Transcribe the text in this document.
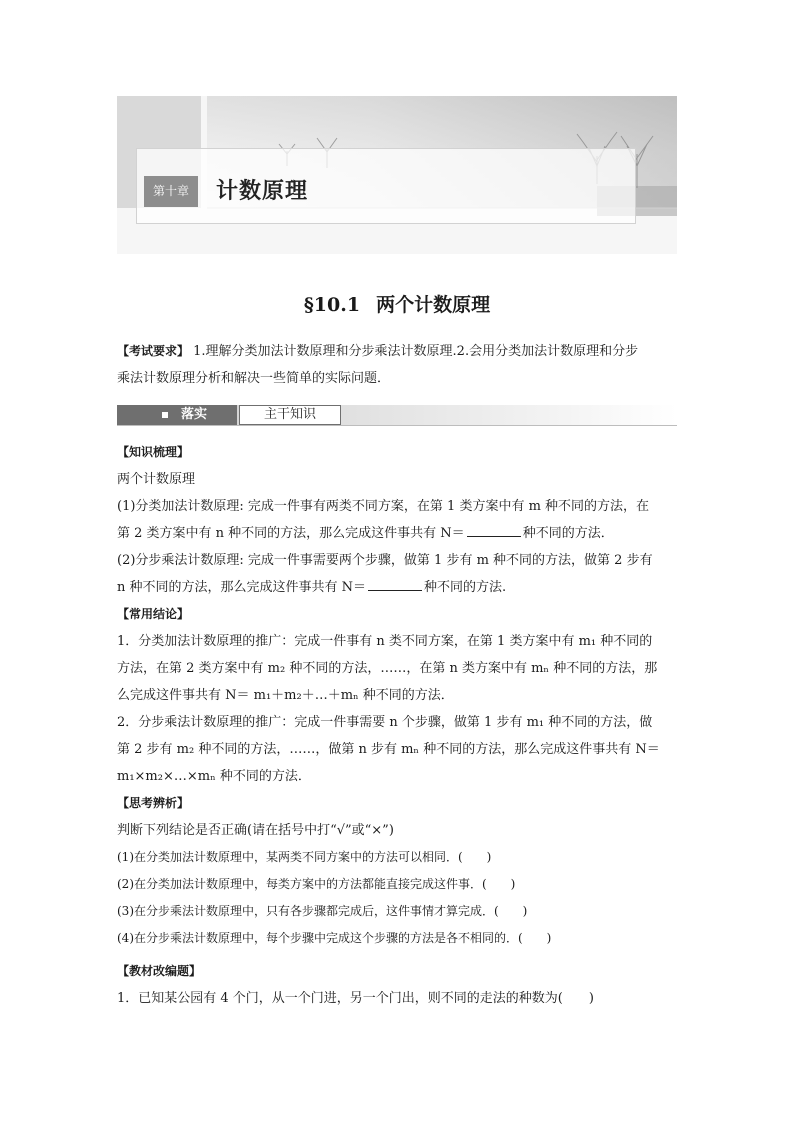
第十章	计数原理
§10.1 两个计数原理
【考试要求】 1.理解分类加法计数原理和分步乘法计数原理.2.会用分类加法计数原理和分步
乘法计数原理分析和解决一些简单的实际问题．
落实	主干知识
【知识梳理】
两个计数原理
(1)分类加法计数原理: 完成一件事有两类不同方案，在第 1 类方案中有 m 种不同的方法，在
第 2 类方案中有 n 种不同的方法，那么完成这件事共有 N＝	种不同的方法．
(2)分步乘法计数原理: 完成一件事需要两个步骤，做第 1 步有 m 种不同的方法，做第 2 步有
n 种不同的方法，那么完成这件事共有 N＝	种不同的方法.
【常用结论】
1．分类加法计数原理的推广：完成一件事有 n 类不同方案，在第 1 类方案中有 m₁ 种不同的
方法，在第 2 类方案中有 m₂ 种不同的方法，……，在第 n 类方案中有 mₙ 种不同的方法，那
么完成这件事共有 N＝ m₁＋m₂＋…＋mₙ 种不同的方法．
2．分步乘法计数原理的推广：完成一件事需要 n 个步骤，做第 1 步有 m₁ 种不同的方法，做
第 2 步有 m₂ 种不同的方法，……，做第 n 步有 mₙ 种不同的方法，那么完成这件事共有 N＝
m₁×m₂×…×mₙ 种不同的方法．
【思考辨析】
判断下列结论是否正确(请在括号中打“√”或“×”)
(1)在分类加法计数原理中，某两类不同方案中的方法可以相同．(　　)
(2)在分类加法计数原理中，每类方案中的方法都能直接完成这件事．(　　)
(3)在分步乘法计数原理中，只有各步骤都完成后，这件事情才算完成．(　　)
(4)在分步乘法计数原理中，每个步骤中完成这个步骤的方法是各不相同的．(　　)
【教材改编题】
1．已知某公园有 4 个门，从一个门进，另一个门出，则不同的走法的种数为(　　)
